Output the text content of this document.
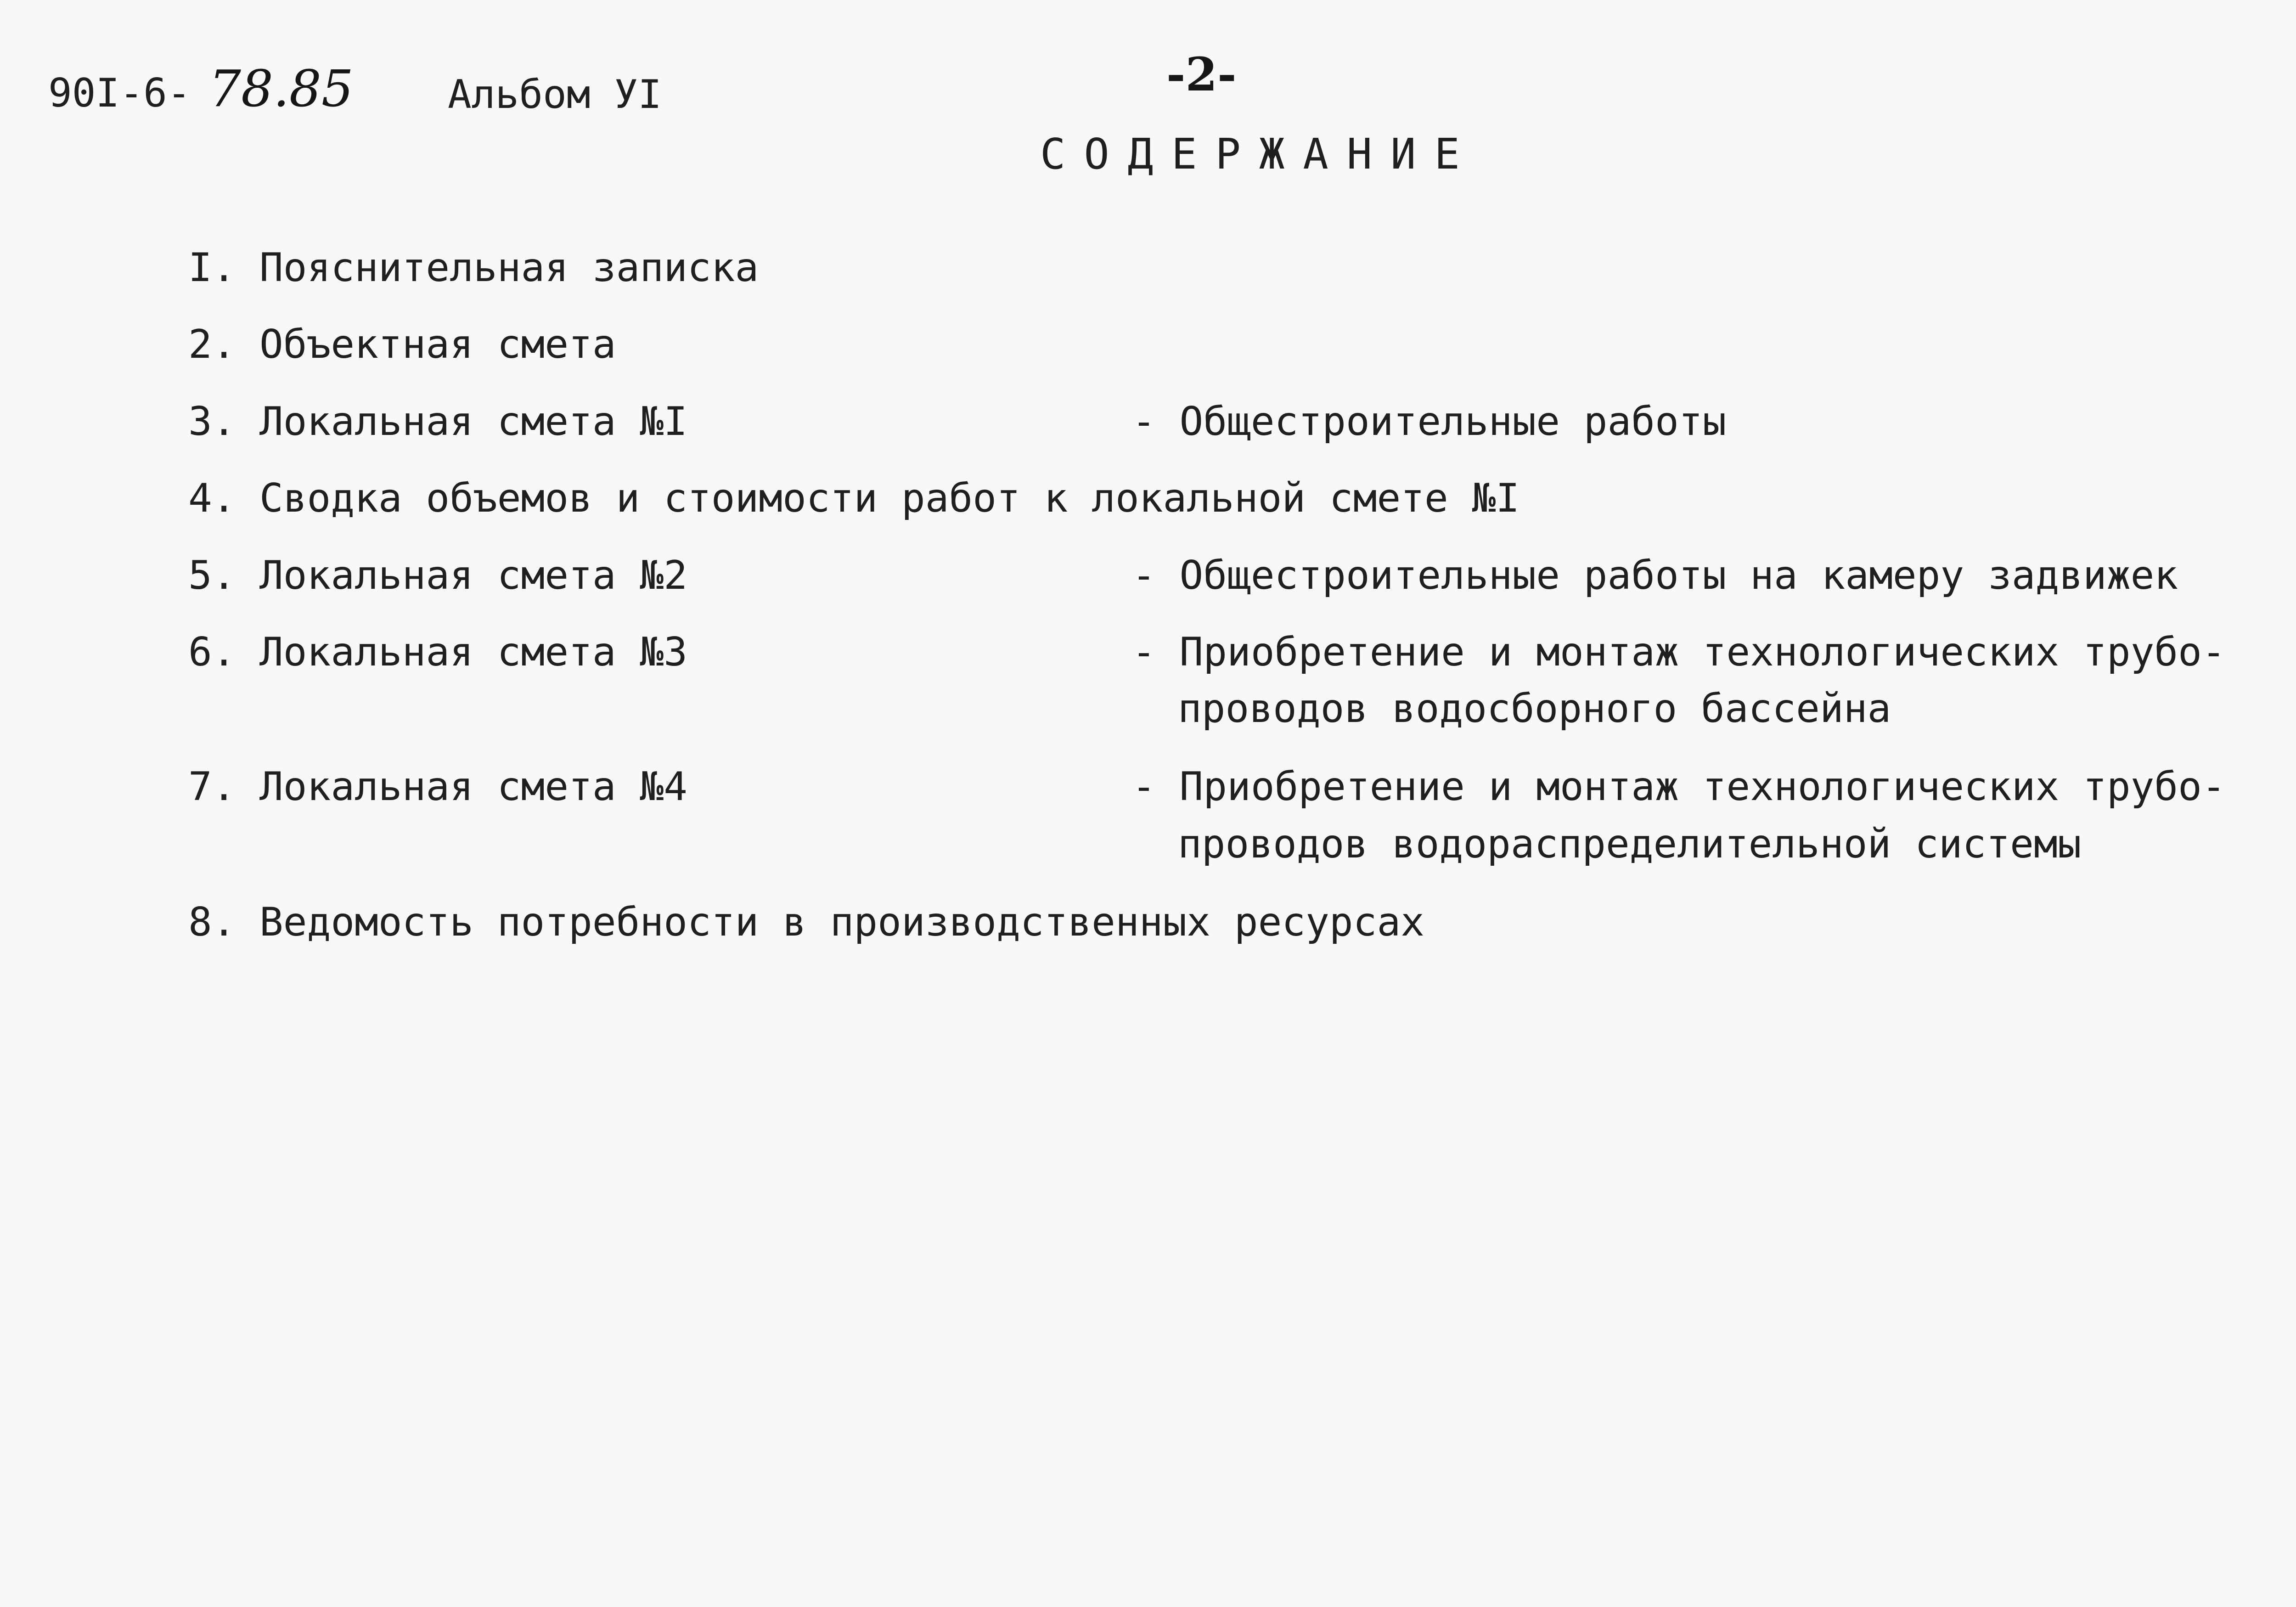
90I-6- 78.85 Альбом УI	-2-
СОДЕРЖАНИЕ
I. Пояснительная записка
2. Объектная смета
3. Локальная смета №I	- Общестроительные работы
4. Сводка объемов и стоимости работ к локальной смете №I
5. Локальная смета №2	- Общестроительные работы на камеру задвижек
6. Локальная смета №3	- Приобретение и монтаж технологических трубо-
проводов водосборного бассейна
7. Локальная смета №4	- Приобретение и монтаж технологических трубо-
проводов водораспределительной системы
8. Ведомость потребности в производственных ресурсах
